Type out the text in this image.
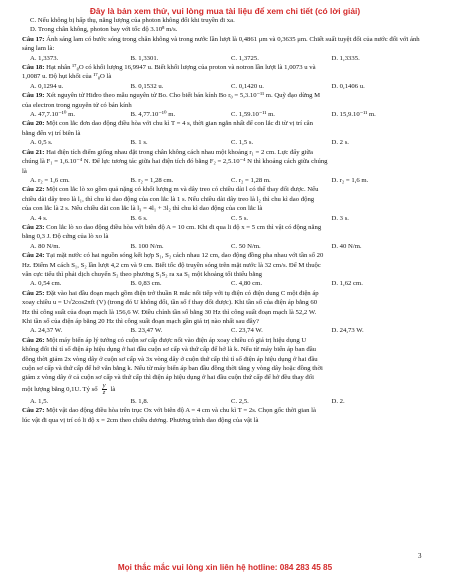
Đây là bản xem thử, vui lòng mua tài liệu để xem chi tiết (có lời giải)
C. Nếu không bị hấp thụ, năng lượng của photon không đổi khi truyền đi xa.
D. Trong chân không, photon bay với tốc độ 3.10⁸ m/s.
Câu 17: Ánh sáng lam có bước sóng trong chân không và trong nước lần lượt là 0,4861 μm và 0,3635 μm. Chiết suất tuyệt đối của nước đối với ánh sáng lam là:
A. 1,3373.	B. 1,3301.	C. 1,3725.	D. 1,3335.
Câu 18: Hạt nhân ¹⁷₈O có khối lượng 16,9947 u. Biết khối lượng của proton và notron lần lượt là 1,0073 u và
1,0087 u. Độ hụt khối của ¹⁷₈O là
A. 0,1294 u.	B. 0,1532 u.	C. 0,1420 u.	D. 0,1406 u.
Câu 19: Xét nguyên tử Hiđro theo mẫu nguyên tử Bo. Cho biết bán kính Bo r₀ = 5,3.10⁻¹¹ m. Quỹ đạo dừng M
của electron trong nguyên tử có bán kính
A. 47,7.10⁻¹⁰ m.	B. 4,77.10⁻¹⁰ m.	C. 1,59.10⁻¹¹ m.	D. 15,9.10⁻¹¹ m.
Câu 20: Một con lắc đơn dao động điều hòa với chu kì T = 4 s, thời gian ngắn nhất để con lắc đi từ vị trí cân
bằng đến vị trí biên là
A. 0,5 s.	B. 1 s.	C. 1,5 s.	D. 2 s.
Câu 21: Hai điện tích điểm giống nhau đặt trong chân không cách nhau một khoảng r₁ = 2 cm. Lực đẩy giữa
chúng là F₁ = 1,6.10⁻⁴ N. Để lực tương tác giữa hai điện tích đó bằng F₂ = 2,5.10⁻⁴ N thì khoảng cách giữa chúng
là
A. r₂ = 1,6 cm.	B. r₂ = 1,28 cm.	C. r₂ = 1,28 m.	D. r₂ = 1,6 m.
Câu 22: Một con lắc lò xo gồm quả nặng có khối lượng m và dây treo có chiều dài l có thể thay đổi được. Nếu
chiều dài dây treo là l₁, thì chu kì dao động của con lắc là 1 s. Nếu chiều dài dây treo là l₂ thì chu kì dao động
của con lắc là 2 s. Nếu chiều dài con lắc là l₃ = 4l₁ + 3l₂ thì chu kì dao động của con lắc là
A. 4 s.	B. 6 s.	C. 5 s.	D. 3 s.
Câu 23: Con lắc lò xo dao động điều hòa với biên độ A = 10 cm. Khi đi qua li độ x = 5 cm thì vật có động năng
bằng 0,3 J. Độ cứng của lò xo là
A. 80 N/m.	B. 100 N/m.	C. 50 N/m.	D. 40 N/m.
Câu 24: Tại mặt nước có hai nguồn sóng kết hợp S₁, S₂ cách nhau 12 cm, dao động đồng pha nhau với tần số 20
Hz. Điểm M cách S₁, S₂ lần lượt 4,2 cm và 9 cm. Biết tốc độ truyền sóng trên mặt nước là 32 cm/s. Để M thuộc
vân cực tiểu thì phải dịch chuyển S₂ theo phương S₁S₂ ra xa S₁ một khoảng tối thiểu bằng
A. 0,54 cm.	B. 0,83 cm.	C. 4,80 cm.	D. 1,62 cm.
Câu 25: Đặt vào hai đầu đoạn mạch gồm điện trở thuần R mắc nối tiếp với tụ điện có điện dung C một điện áp
xoay chiều u = U√2cos2πft (V) (trong đó U không đổi, tần số f thay đổi được). Khi tần số của điện áp bằng 60
Hz thì công suất của đoạn mạch là 156,6 W. Điều chỉnh tần số bằng 30 Hz thì công suất đoạn mạch là 52,2 W.
Khi tần số của điện áp bằng 20 Hz thì công suất đoạn mạch gần giá trị nào nhất sau đây?
A. 24,37 W.	B. 23,47 W.	C. 23,74 W.	D. 24,73 W.
Câu 26: Một máy biến áp lý tưởng có cuộn sơ cấp được nối vào điện áp xoay chiều có giá trị hiệu dụng U
không đổi thì tỉ số điện áp hiệu dụng ở hai đầu cuộn sơ cấp và thứ cấp để hở là k. Nếu từ máy biến áp ban đầu
đồng thời giảm 2x vòng dây ở cuộn sơ cấp và 3x vòng dây ở cuộn thứ cấp thì tỉ số điện áp hiệu dụng ở hai đầu
cuộn sơ cấp và thứ cấp để hở vẫn bằng k. Nếu từ máy biến áp ban đầu đồng thời tăng y vòng dây hoặc đồng thời
giảm z vòng dây ở cả cuộn sơ cấp và thứ cấp thì điện áp hiệu dụng ở hai đầu cuộn thứ cấp để hở đều thay đổi
một lượng bằng 0,1U. Tỷ số $\frac{y}{z}$ là
A. 1,5.	B. 1,8.	C. 2,5.	D. 2.
Câu 27: Một vật dao động điều hòa trên trục Ox với biên độ A = 4 cm và chu kì T = 2s. Chọn gốc thời gian là
lúc vật đi qua vị trí có li độ x = 2cm theo chiều dương. Phương trình dao động của vật là
3
Mọi thắc mắc vui lòng xin liên hệ hotline: 084 283 45 85
